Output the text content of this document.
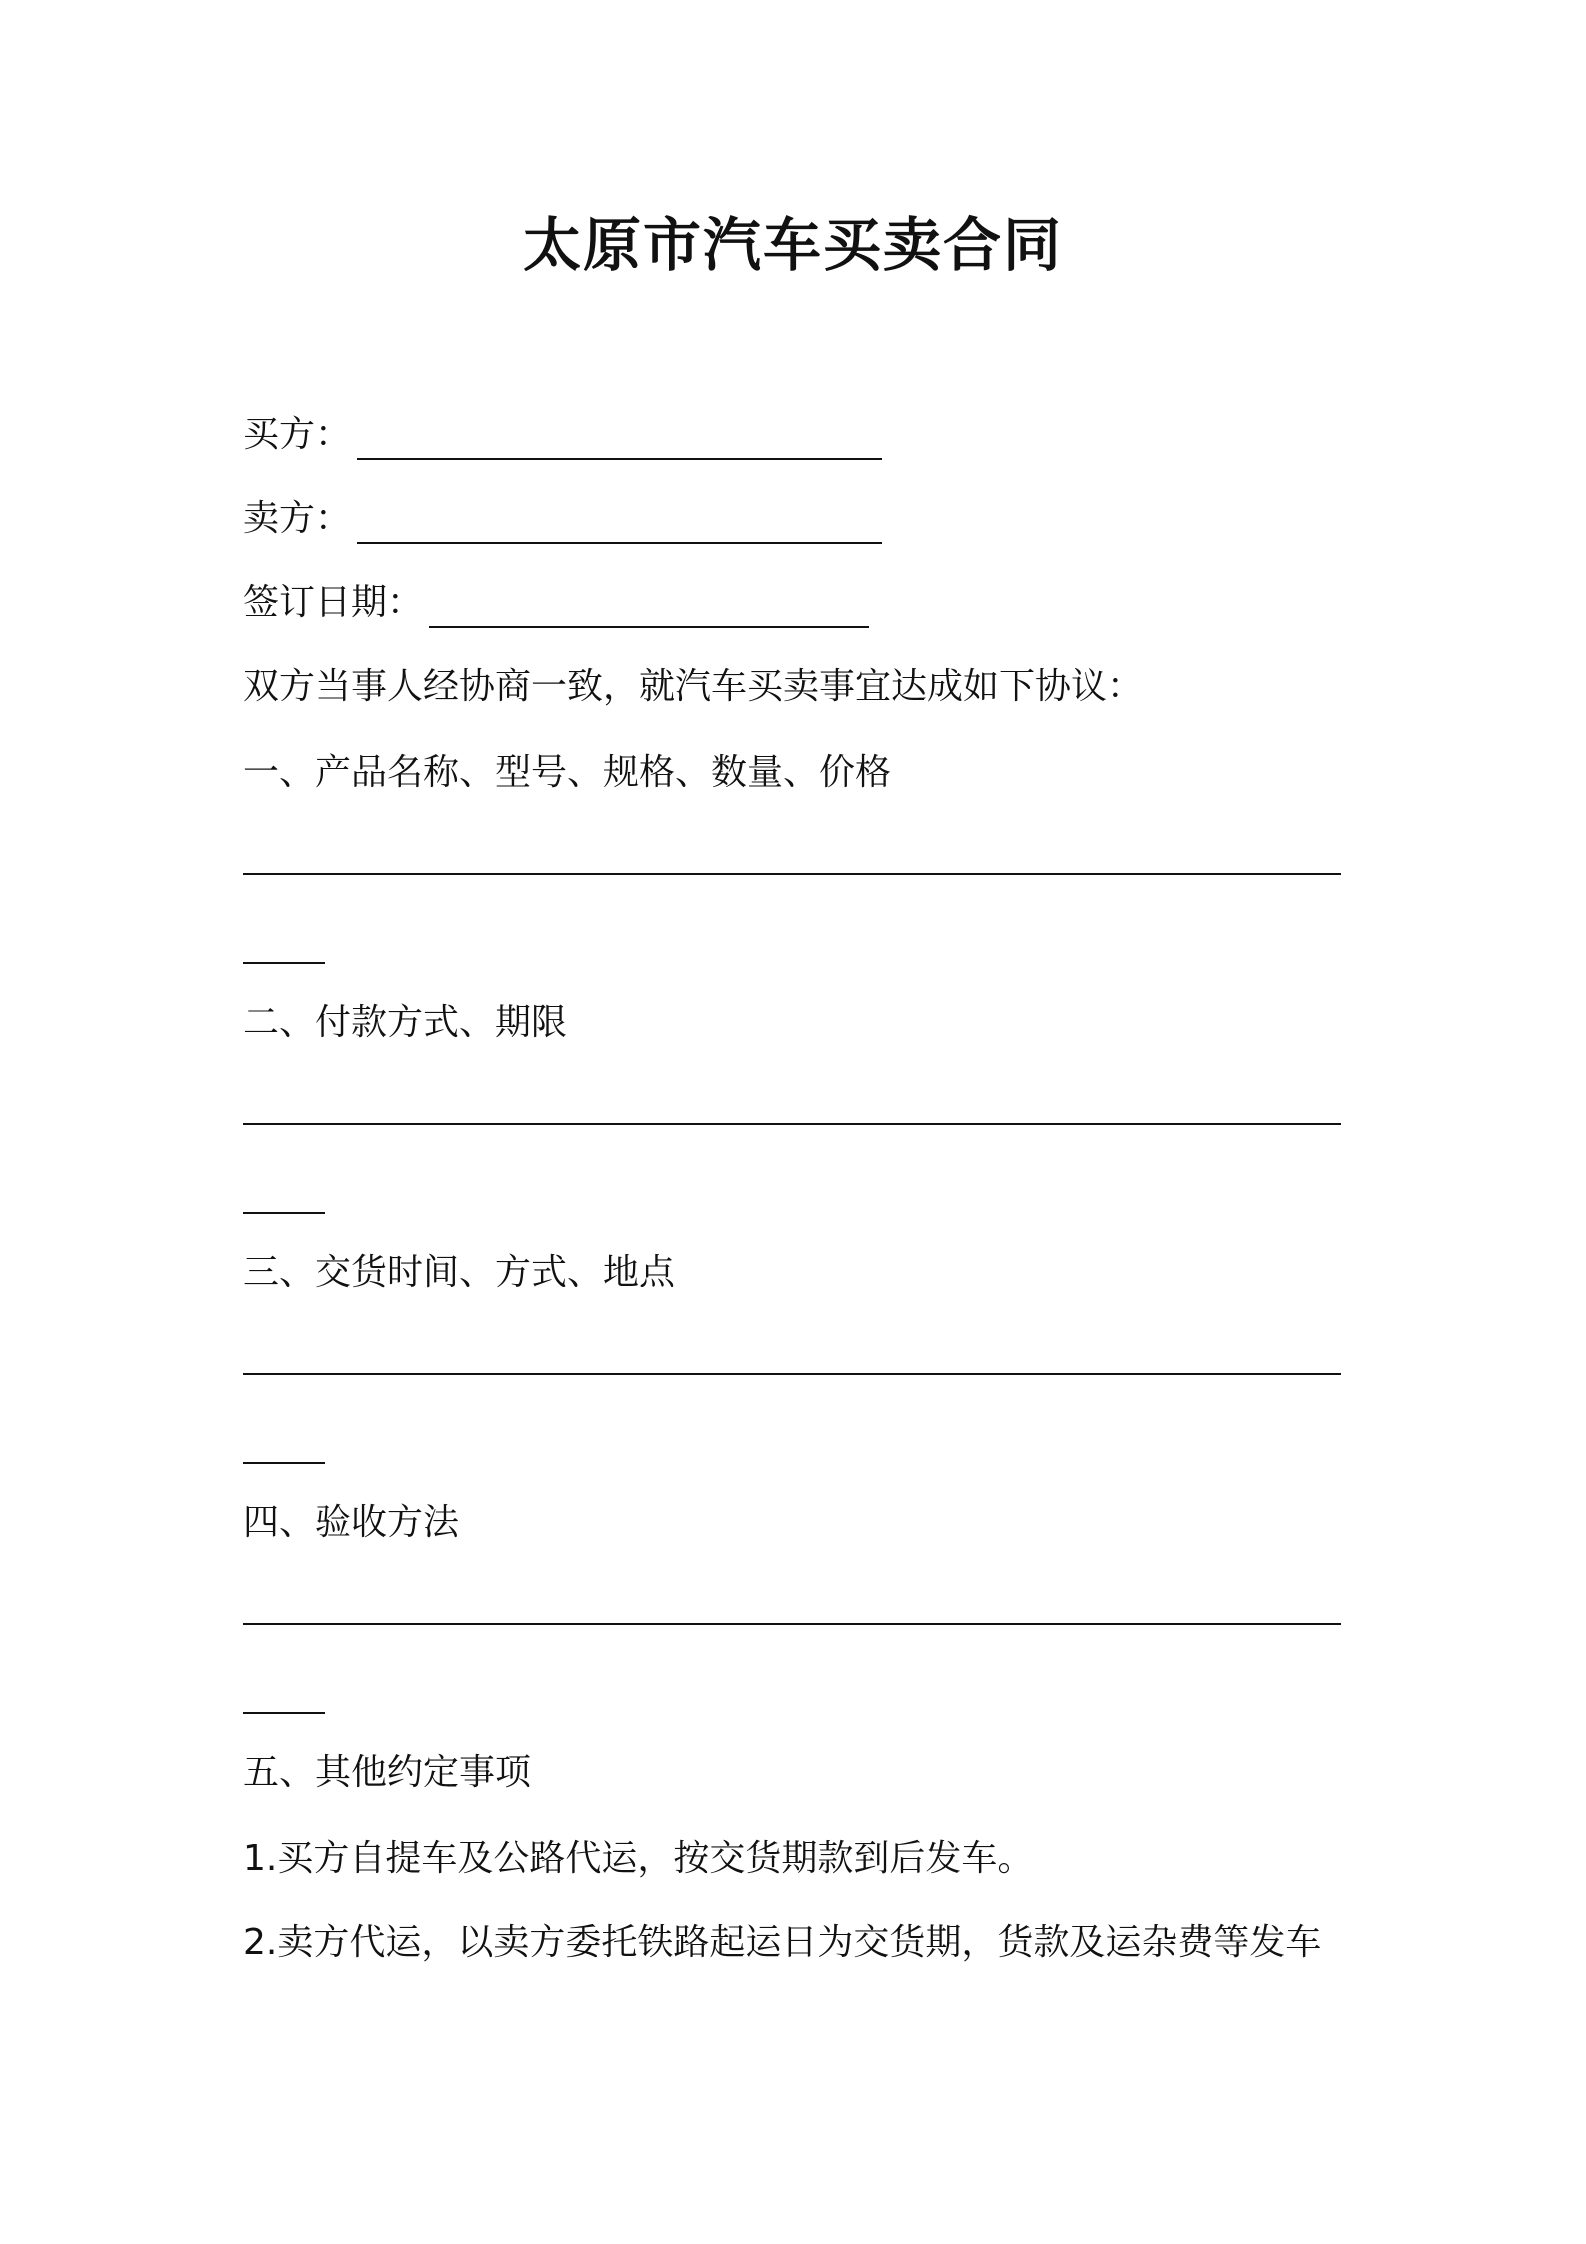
太原市汽车买卖合同
买方：
卖方：
签订日期：

双方当事人经协商一致，就汽车买卖事宜达成如下协议：

一、产品名称、型号、规格、数量、价格

二、付款方式、期限

三、交货时间、方式、地点

四、验收方法

五、其他约定事项

1.买方自提车及公路代运，按交货期款到后发车。

2.卖方代运，以卖方委托铁路起运日为交货期，货款及运杂费等发车
